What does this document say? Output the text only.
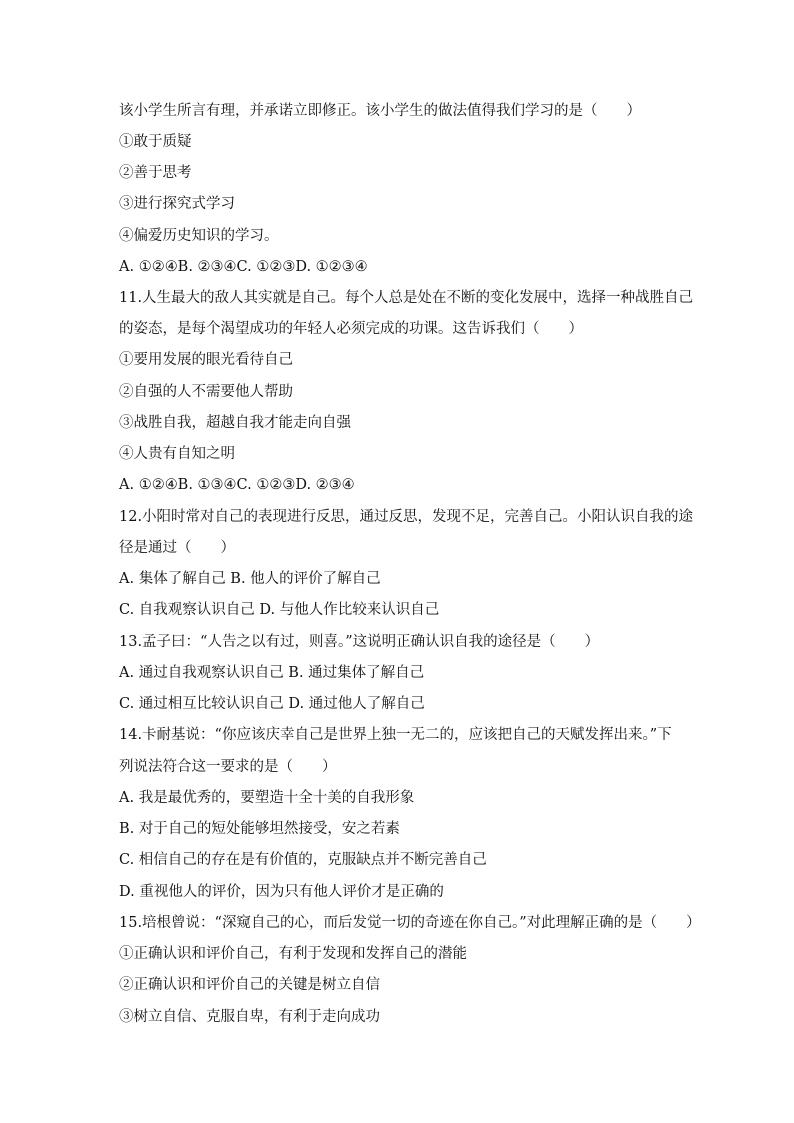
该小学生所言有理，并承诺立即修正。该小学生的做法值得我们学习的是（　　）
①敢于质疑
②善于思考
③进行探究式学习
④偏爱历史知识的学习。
A. ①②④B. ②③④C. ①②③D. ①②③④
11.人生最大的敌人其实就是自己。每个人总是处在不断的变化发展中，选择一种战胜自己
的姿态，是每个渴望成功的年轻人必须完成的功课。这告诉我们（　　）
①要用发展的眼光看待自己
②自强的人不需要他人帮助
③战胜自我，超越自我才能走向自强
④人贵有自知之明
A. ①②④B. ①③④C. ①②③D. ②③④
12.小阳时常对自己的表现进行反思，通过反思，发现不足，完善自己。小阳认识自我的途
径是通过（　　）
A. 集体了解自己 B. 他人的评价了解自己
C. 自我观察认识自己 D. 与他人作比较来认识自己
13.孟子曰：“人告之以有过，则喜。”这说明正确认识自我的途径是（　　）
A. 通过自我观察认识自己 B. 通过集体了解自己
C. 通过相互比较认识自己 D. 通过他人了解自己
14.卡耐基说：“你应该庆幸自己是世界上独一无二的，应该把自己的天赋发挥出来。”下
列说法符合这一要求的是（　　）
A. 我是最优秀的，要塑造十全十美的自我形象
B. 对于自己的短处能够坦然接受，安之若素
C. 相信自己的存在是有价值的，克服缺点并不断完善自己
D. 重视他人的评价，因为只有他人评价才是正确的
15.培根曾说：“深窥自己的心，而后发觉一切的奇迹在你自己。”对此理解正确的是（　　）
①正确认识和评价自己，有利于发现和发挥自己的潜能
②正确认识和评价自己的关键是树立自信
③树立自信、克服自卑，有利于走向成功
